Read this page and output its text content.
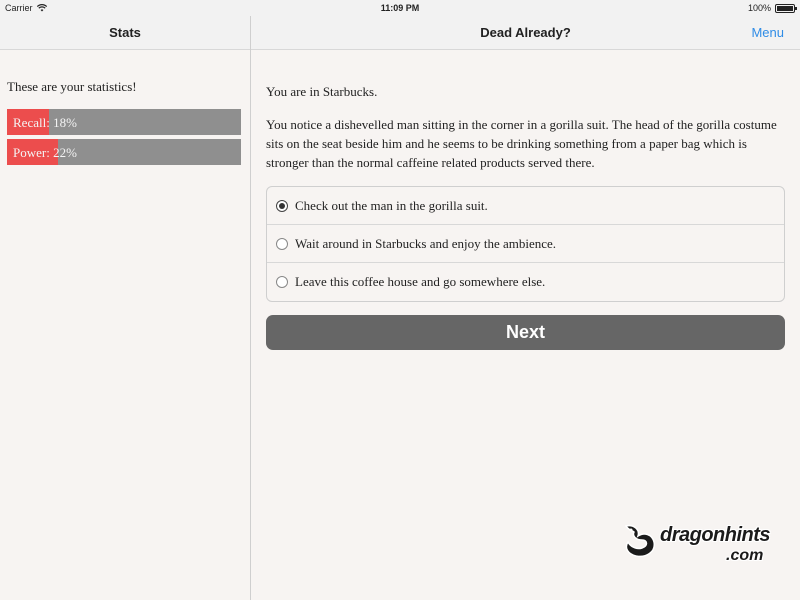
Carrier	11:09 PM	100%
Stats	Dead Already?	Menu
These are your statistics!
Recall: 18%
Power: 22%
You are in Starbucks.
You notice a dishevelled man sitting in the corner in a gorilla suit. The head of the gorilla costume sits on the seat beside him and he seems to be drinking something from a paper bag which is stronger than the normal caffeine related products served there.
Check out the man in the gorilla suit.
Wait around in Starbucks and enjoy the ambience.
Leave this coffee house and go somewhere else.
Next
dragonhints
.com
